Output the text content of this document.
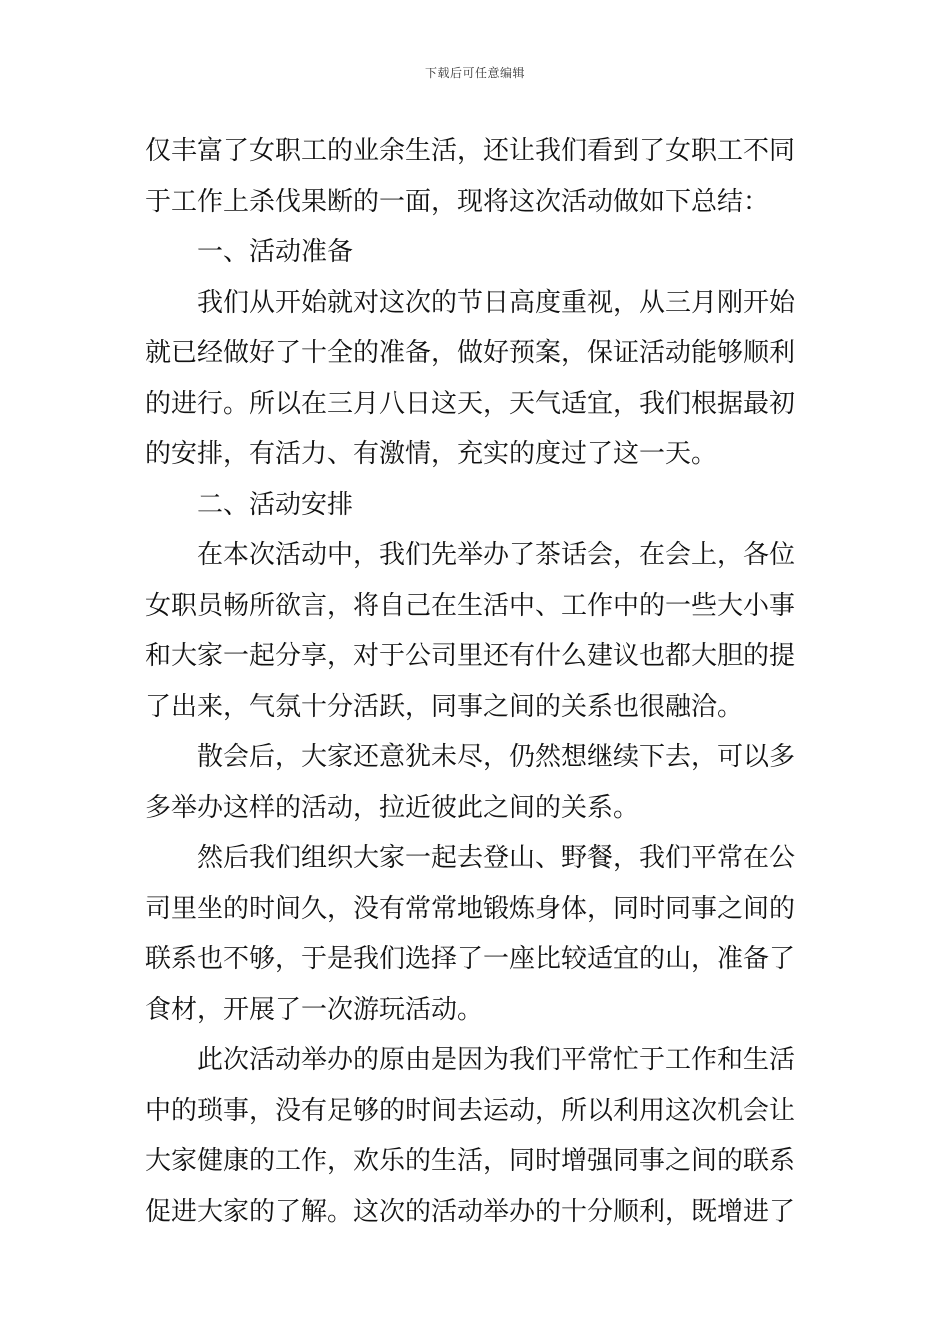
下载后可任意编辑
仅丰富了女职工的业余生活，还让我们看到了女职工不同
于工作上杀伐果断的一面，现将这次活动做如下总结：
一、活动准备
我们从开始就对这次的节日高度重视，从三月刚开始
就已经做好了十全的准备，做好预案，保证活动能够顺利
的进行。所以在三月八日这天，天气适宜，我们根据最初
的安排，有活力、有激情，充实的度过了这一天。
二、活动安排
在本次活动中，我们先举办了茶话会，在会上，各位
女职员畅所欲言，将自己在生活中、工作中的一些大小事
和大家一起分享，对于公司里还有什么建议也都大胆的提
了出来，气氛十分活跃，同事之间的关系也很融洽。
散会后，大家还意犹未尽，仍然想继续下去，可以多
多举办这样的活动，拉近彼此之间的关系。
然后我们组织大家一起去登山、野餐，我们平常在公
司里坐的时间久，没有常常地锻炼身体，同时同事之间的
联系也不够，于是我们选择了一座比较适宜的山，准备了
食材，开展了一次游玩活动。
此次活动举办的原由是因为我们平常忙于工作和生活
中的琐事，没有足够的时间去运动，所以利用这次机会让
大家健康的工作，欢乐的生活，同时增强同事之间的联系
促进大家的了解。这次的活动举办的十分顺利，既增进了
